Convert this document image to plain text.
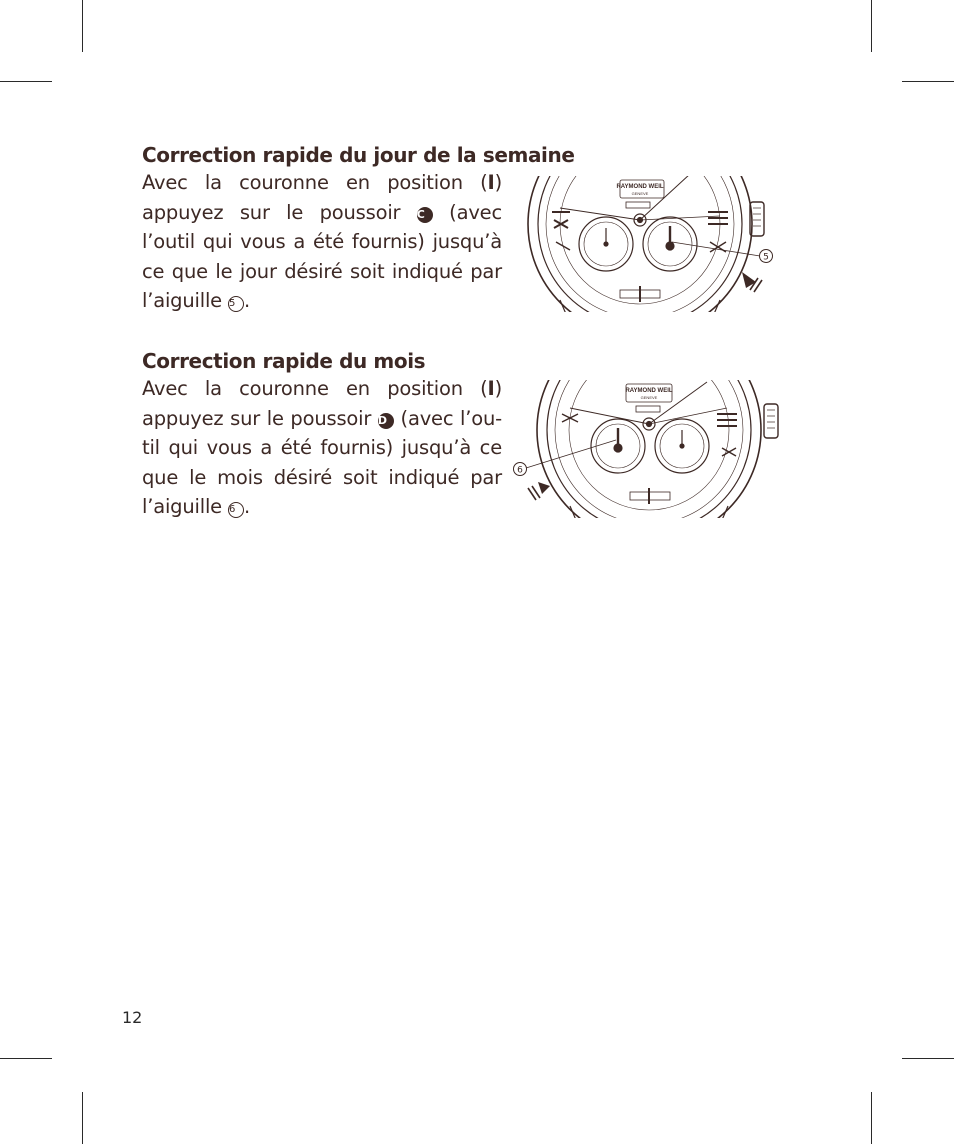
Correction rapide du jour de la semaine
Avec la couronne en position (I)
appuyez sur le poussoir C (avec
l’outil qui vous a été fournis) jusqu’à
ce que le jour désiré soit indiqué par
l’aiguille 5 .
RAYMOND WEIL
GENEVE
5
Correction rapide du mois
Avec la couronne en position (I)
appuyez sur le poussoir D (avec l’ou-
til qui vous a été fournis) jusqu’à ce
que le mois désiré soit indiqué par
l’aiguille 6 .
RAYMOND WEIL
GENEVE
6
12
